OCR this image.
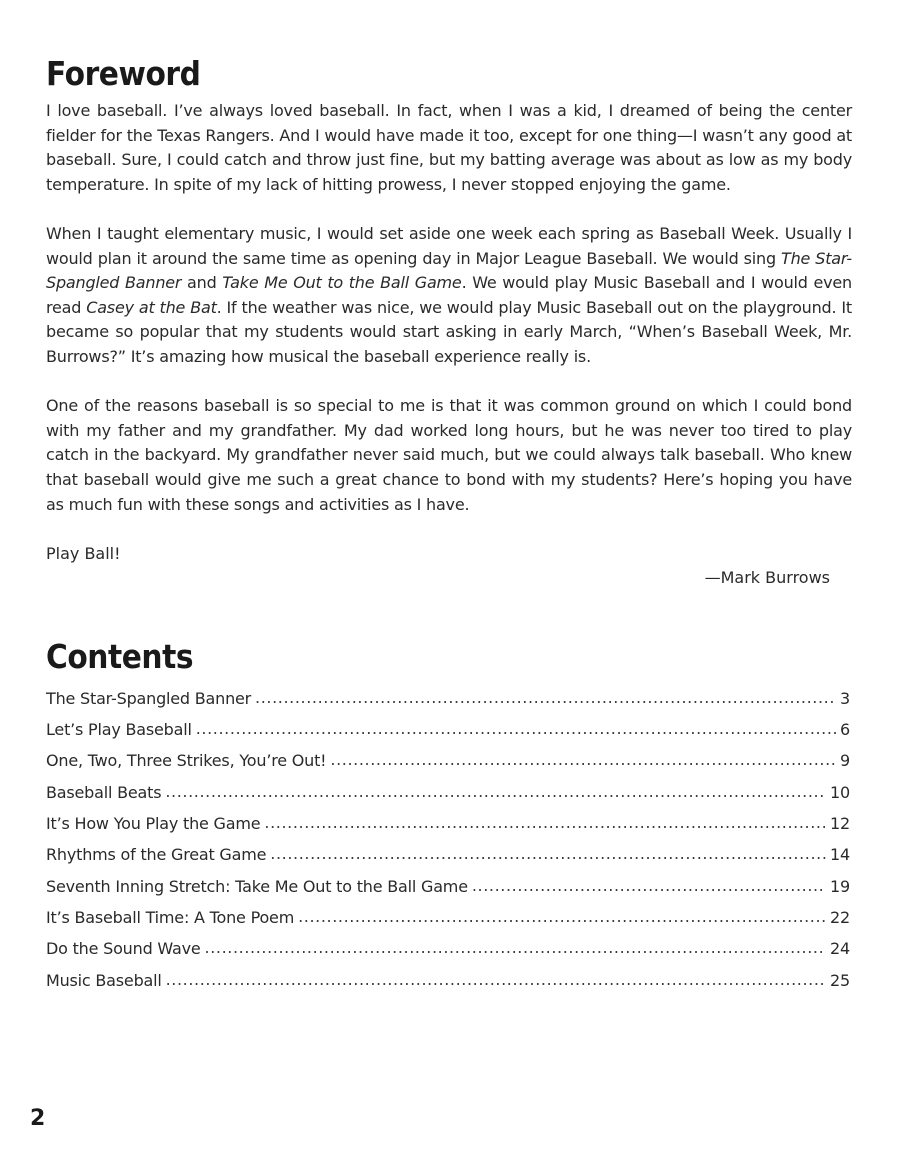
Foreword

I love baseball. I’ve always loved baseball. In fact, when I was a kid, I dreamed of being the center fielder for the Texas Rangers. And I would have made it too, except for one thing—I wasn’t any good at baseball. Sure, I could catch and throw just fine, but my batting average was about as low as my body temperature. In spite of my lack of hitting prowess, I never stopped enjoying the game.

When I taught elementary music, I would set aside one week each spring as Baseball Week. Usually I would plan it around the same time as opening day in Major League Baseball. We would sing The Star-Spangled Banner and Take Me Out to the Ball Game. We would play Music Baseball and I would even read Casey at the Bat. If the weather was nice, we would play Music Baseball out on the playground. It became so popular that my students would start asking in early March, “When’s Baseball Week, Mr. Burrows?” It’s amazing how musical the baseball experience really is.

One of the reasons baseball is so special to me is that it was common ground on which I could bond with my father and my grandfather. My dad worked long hours, but he was never too tired to play catch in the backyard. My grandfather never said much, but we could always talk baseball. Who knew that baseball would give me such a great chance to bond with my students? Here’s hoping you have as much fun with these songs and activities as I have.

Play Ball!

—Mark Burrows

Contents
The Star-Spangled Banner .....	3
Let’s Play Baseball .....	6
One, Two, Three Strikes, You’re Out! .....	9
Baseball Beats .....	10
It’s How You Play the Game .....	12
Rhythms of the Great Game .....	14
Seventh Inning Stretch: Take Me Out to the Ball Game .....	19
It’s Baseball Time: A Tone Poem .....	22
Do the Sound Wave .....	24
Music Baseball .....	25
2
